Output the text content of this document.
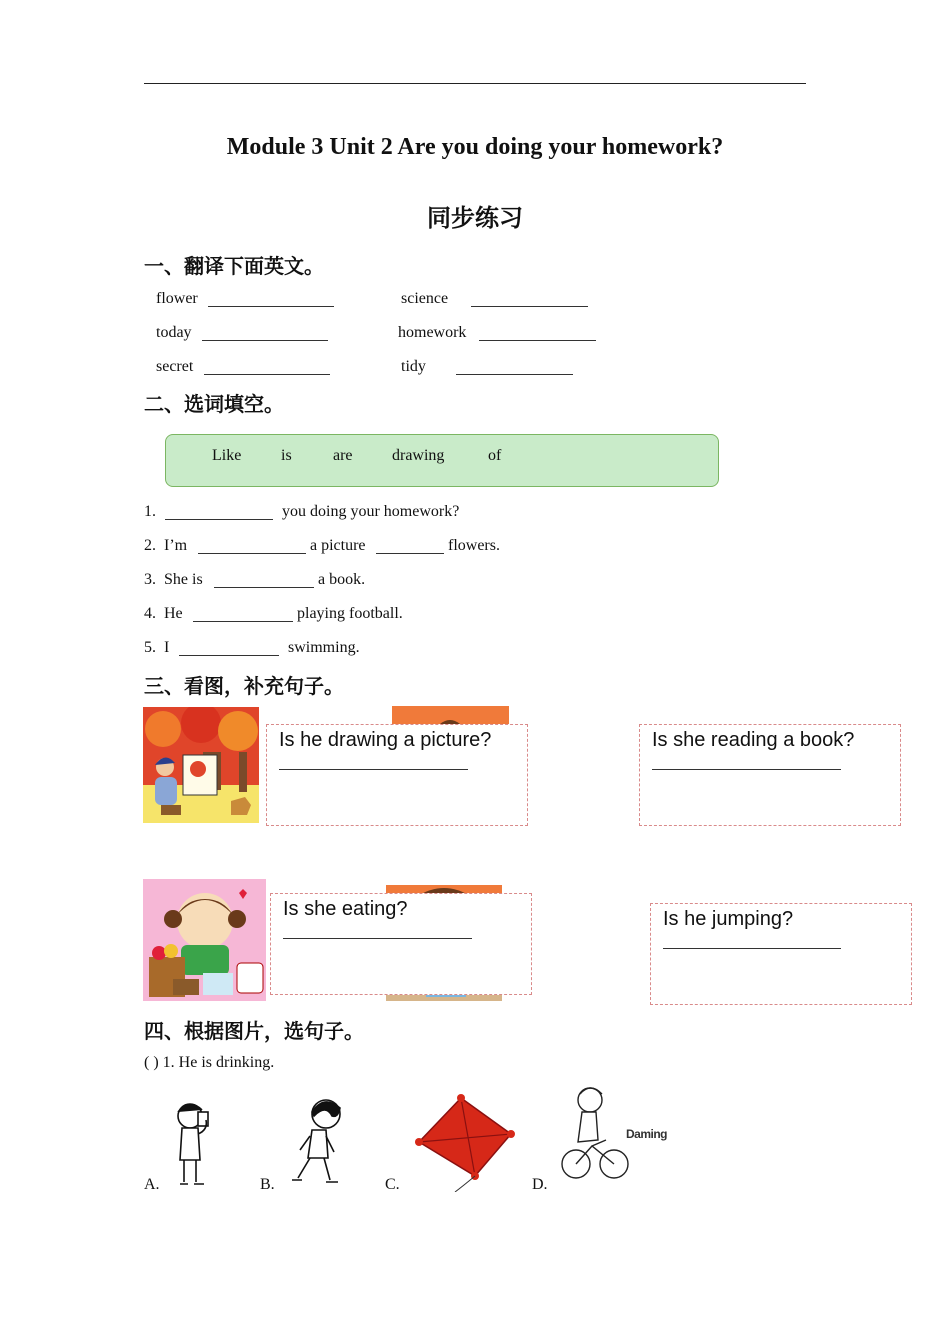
Module 3 Unit 2 Are you doing your homework?
同步练习
一、翻译下面英文。
flower	science
today	homework
secret	tidy
二、选词填空。
Like is	are drawing	of
1.	you doing your homework?
2. I’m	a picture	flowers.
3. She is	a book.
4. He	playing football.
5. I	swimming.
三、看图，补充句子。
Is he drawing a picture?	Is she reading a book?
Is she eating?	Is he jumping?
四、根据图片，选句子。
( ) 1. He is drinking.
A.	B.	C.	D.
Daming
